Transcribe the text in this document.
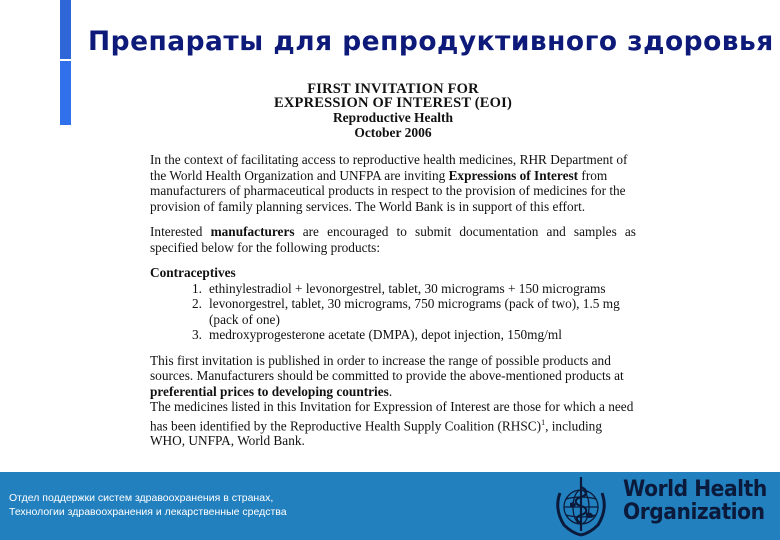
Препараты для репродуктивного здоровья
FIRST INVITATION FOR
EXPRESSION OF INTEREST (EOI)
Reproductive Health
October 2006

In the context of facilitating access to reproductive health medicines, RHR Department of the World Health Organization and UNFPA are inviting Expressions of Interest from manufacturers of pharmaceutical products in respect to the provision of medicines for the provision of family planning services. The World Bank is in support of this effort.

Interested manufacturers are encouraged to submit documentation and samples as specified below for the following products:

Contraceptives

1. ethinylestradiol + levonorgestrel, tablet, 30 micrograms + 150 micrograms
2. levonorgestrel, tablet, 30 micrograms, 750 micrograms (pack of two), 1.5 mg (pack of one)
3. medroxyprogesterone acetate (DMPA), depot injection, 150mg/ml

This first invitation is published in order to increase the range of possible products and sources. Manufacturers should be committed to provide the above-mentioned products at preferential prices to developing countries.

The medicines listed in this Invitation for Expression of Interest are those for which a need has been identified by the Reproductive Health Supply Coalition (RHSC)$^1$, including WHO, UNFPA, World Bank.

Отдел поддержки систем здравоохранения в странах,
Технологии здравоохранения и лекарственные средства
World Health
Organization
